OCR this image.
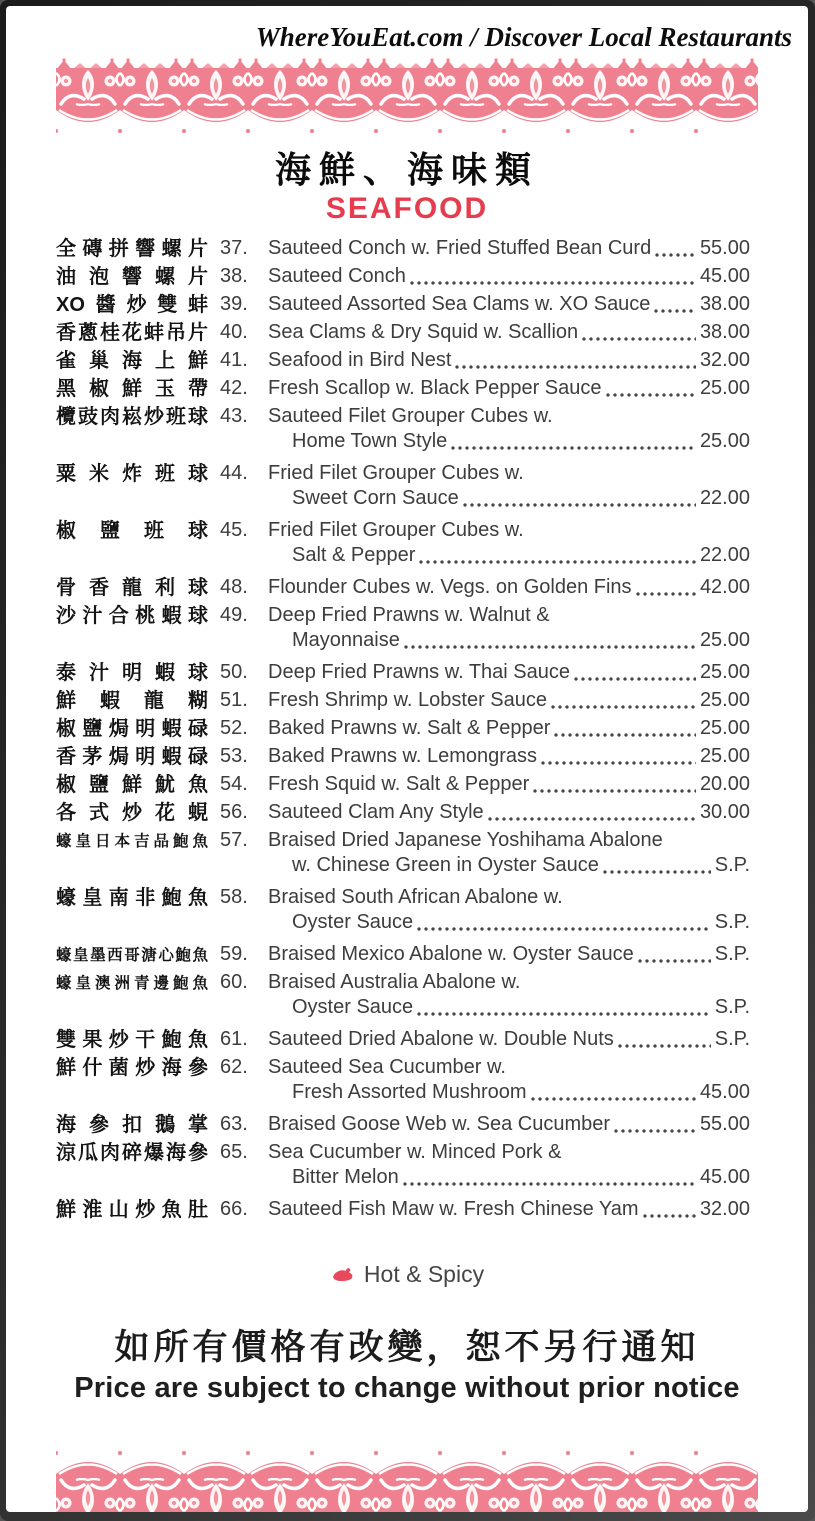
WhereYouEat.com / Discover Local Restaurants
海鮮、海味類
SEAFOOD
全磚拼響螺片 37.	Sauteed Conch w. Fried Stuffed Bean Curd 55.00
油泡響螺片 38.	Sauteed Conch	45.00
XO醬炒雙蚌 39.	Sauteed Assorted Sea Clams w. XO Sauce 38.00
香蔥桂花蚌吊片 40.	Sea Clams & Dry Squid w. Scallion	38.00
雀巢海上鮮 41.	Seafood in Bird Nest	32.00
黑椒鮮玉帶 42.	Fresh Scallop w. Black Pepper Sauce	25.00
欖豉肉崧炒班球 43.	Sauteed Filet Grouper Cubes w.
Home Town Style	25.00
粟米炸班球 44.	Fried Filet Grouper Cubes w.
Sweet Corn Sauce	22.00
椒鹽班球 45.	Fried Filet Grouper Cubes w.
Salt & Pepper	22.00
骨香龍利球 48.	Flounder Cubes w. Vegs. on Golden Fins	42.00
沙汁合桃蝦球 49.	Deep Fried Prawns w. Walnut &
Mayonnaise	25.00
泰汁明蝦球 50.	Deep Fried Prawns w. Thai Sauce	25.00
鮮蝦龍糊 51.	Fresh Shrimp w. Lobster Sauce	25.00
椒鹽焗明蝦碌 52.	Baked Prawns w. Salt & Pepper	25.00
香茅焗明蝦碌 53.	Baked Prawns w. Lemongrass	25.00
椒鹽鮮魷魚 54.	Fresh Squid w. Salt & Pepper	20.00
各式炒花蜆 56.	Sauteed Clam Any Style	30.00
蠔皇日本吉品鮑魚 57.	Braised Dried Japanese Yoshihama Abalone
w. Chinese Green in Oyster Sauce	S.P.
蠔皇南非鮑魚 58.	Braised South African Abalone w.
Oyster Sauce	S.P.
蠔皇墨西哥溏心鮑魚 59.	Braised Mexico Abalone w. Oyster Sauce	S.P.
蠔皇澳洲青邊鮑魚 60.	Braised Australia Abalone w.
Oyster Sauce	S.P.
雙果炒干鮑魚 61.	Sauteed Dried Abalone w. Double Nuts	S.P.
鮮什菌炒海參 62.	Sauteed Sea Cucumber w.
Fresh Assorted Mushroom	45.00
海參扣鵝掌 63.	Braised Goose Web w. Sea Cucumber	55.00
涼瓜肉碎爆海參 65.	Sea Cucumber w. Minced Pork &
Bitter Melon	45.00
鮮淮山炒魚肚 66.	Sauteed Fish Maw w. Fresh Chinese Yam	32.00
Hot & Spicy
如所有價格有改變，恕不另行通知
Price are subject to change without prior notice
